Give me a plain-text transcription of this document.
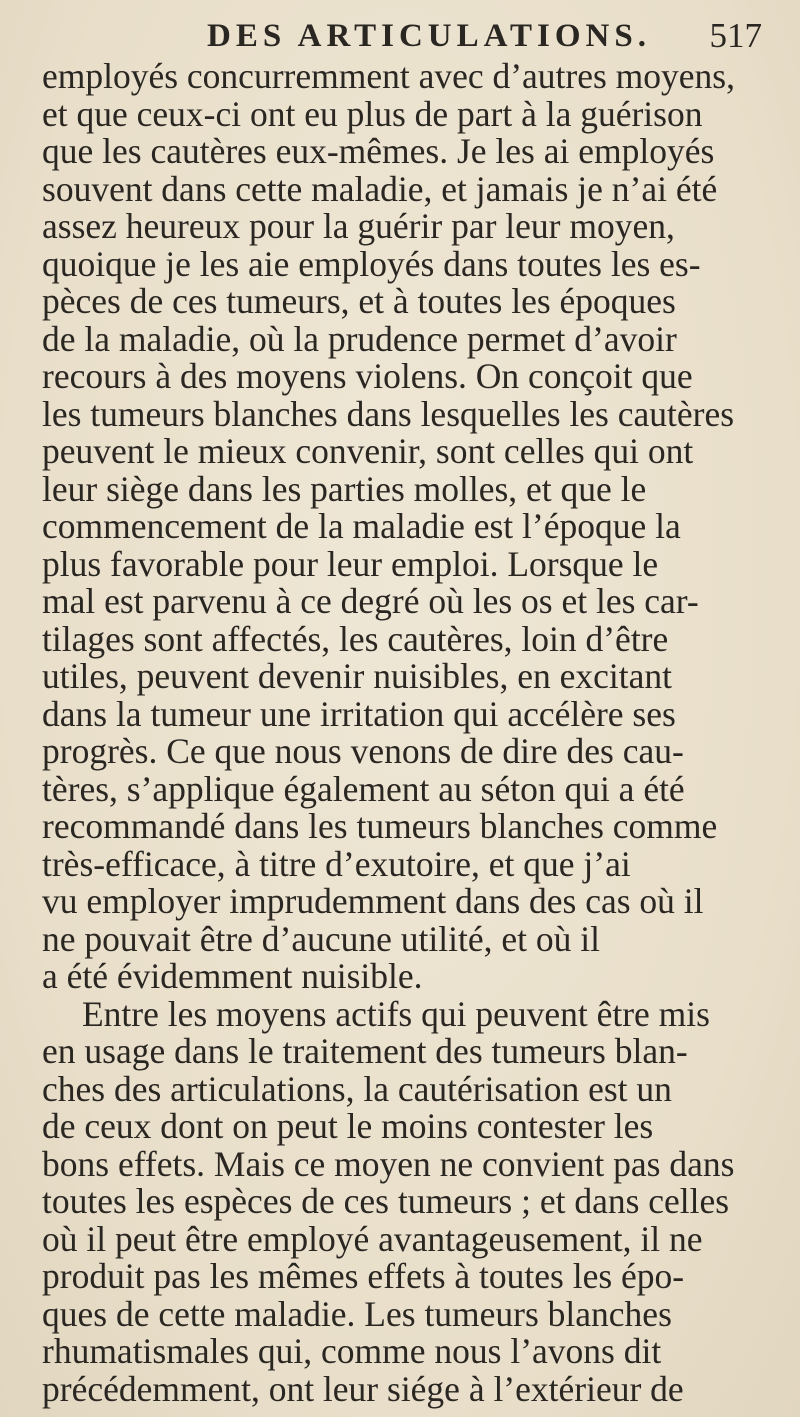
DES ARTICULATIONS. 517
employés concurremment avec d’autres moyens,
et que ceux-ci ont eu plus de part à la guérison
que les cautères eux-mêmes. Je les ai employés
souvent dans cette maladie, et jamais je n’ai été
assez heureux pour la guérir par leur moyen,
quoique je les aie employés dans toutes les es-
pèces de ces tumeurs, et à toutes les époques
de la maladie, où la prudence permet d’avoir
recours à des moyens violens. On conçoit que
les tumeurs blanches dans lesquelles les cautères
peuvent le mieux convenir, sont celles qui ont
leur siège dans les parties molles, et que le
commencement de la maladie est l’époque la
plus favorable pour leur emploi. Lorsque le
mal est parvenu à ce degré où les os et les car-
tilages sont affectés, les cautères, loin d’être
utiles, peuvent devenir nuisibles, en excitant
dans la tumeur une irritation qui accélère ses
progrès. Ce que nous venons de dire des cau-
tères, s’applique également au séton qui a été
recommandé dans les tumeurs blanches comme
très-efficace, à titre d’exutoire, et que j’ai
vu employer imprudemment dans des cas où il
ne pouvait être d’aucune utilité, et où il
a été évidemment nuisible.
Entre les moyens actifs qui peuvent être mis
en usage dans le traitement des tumeurs blan-
ches des articulations, la cautérisation est un
de ceux dont on peut le moins contester les
bons effets. Mais ce moyen ne convient pas dans
toutes les espèces de ces tumeurs ; et dans celles
où il peut être employé avantageusement, il ne
produit pas les mêmes effets à toutes les épo-
ques de cette maladie. Les tumeurs blanches
rhumatismales qui, comme nous l’avons dit
précédemment, ont leur siége à l’extérieur de
